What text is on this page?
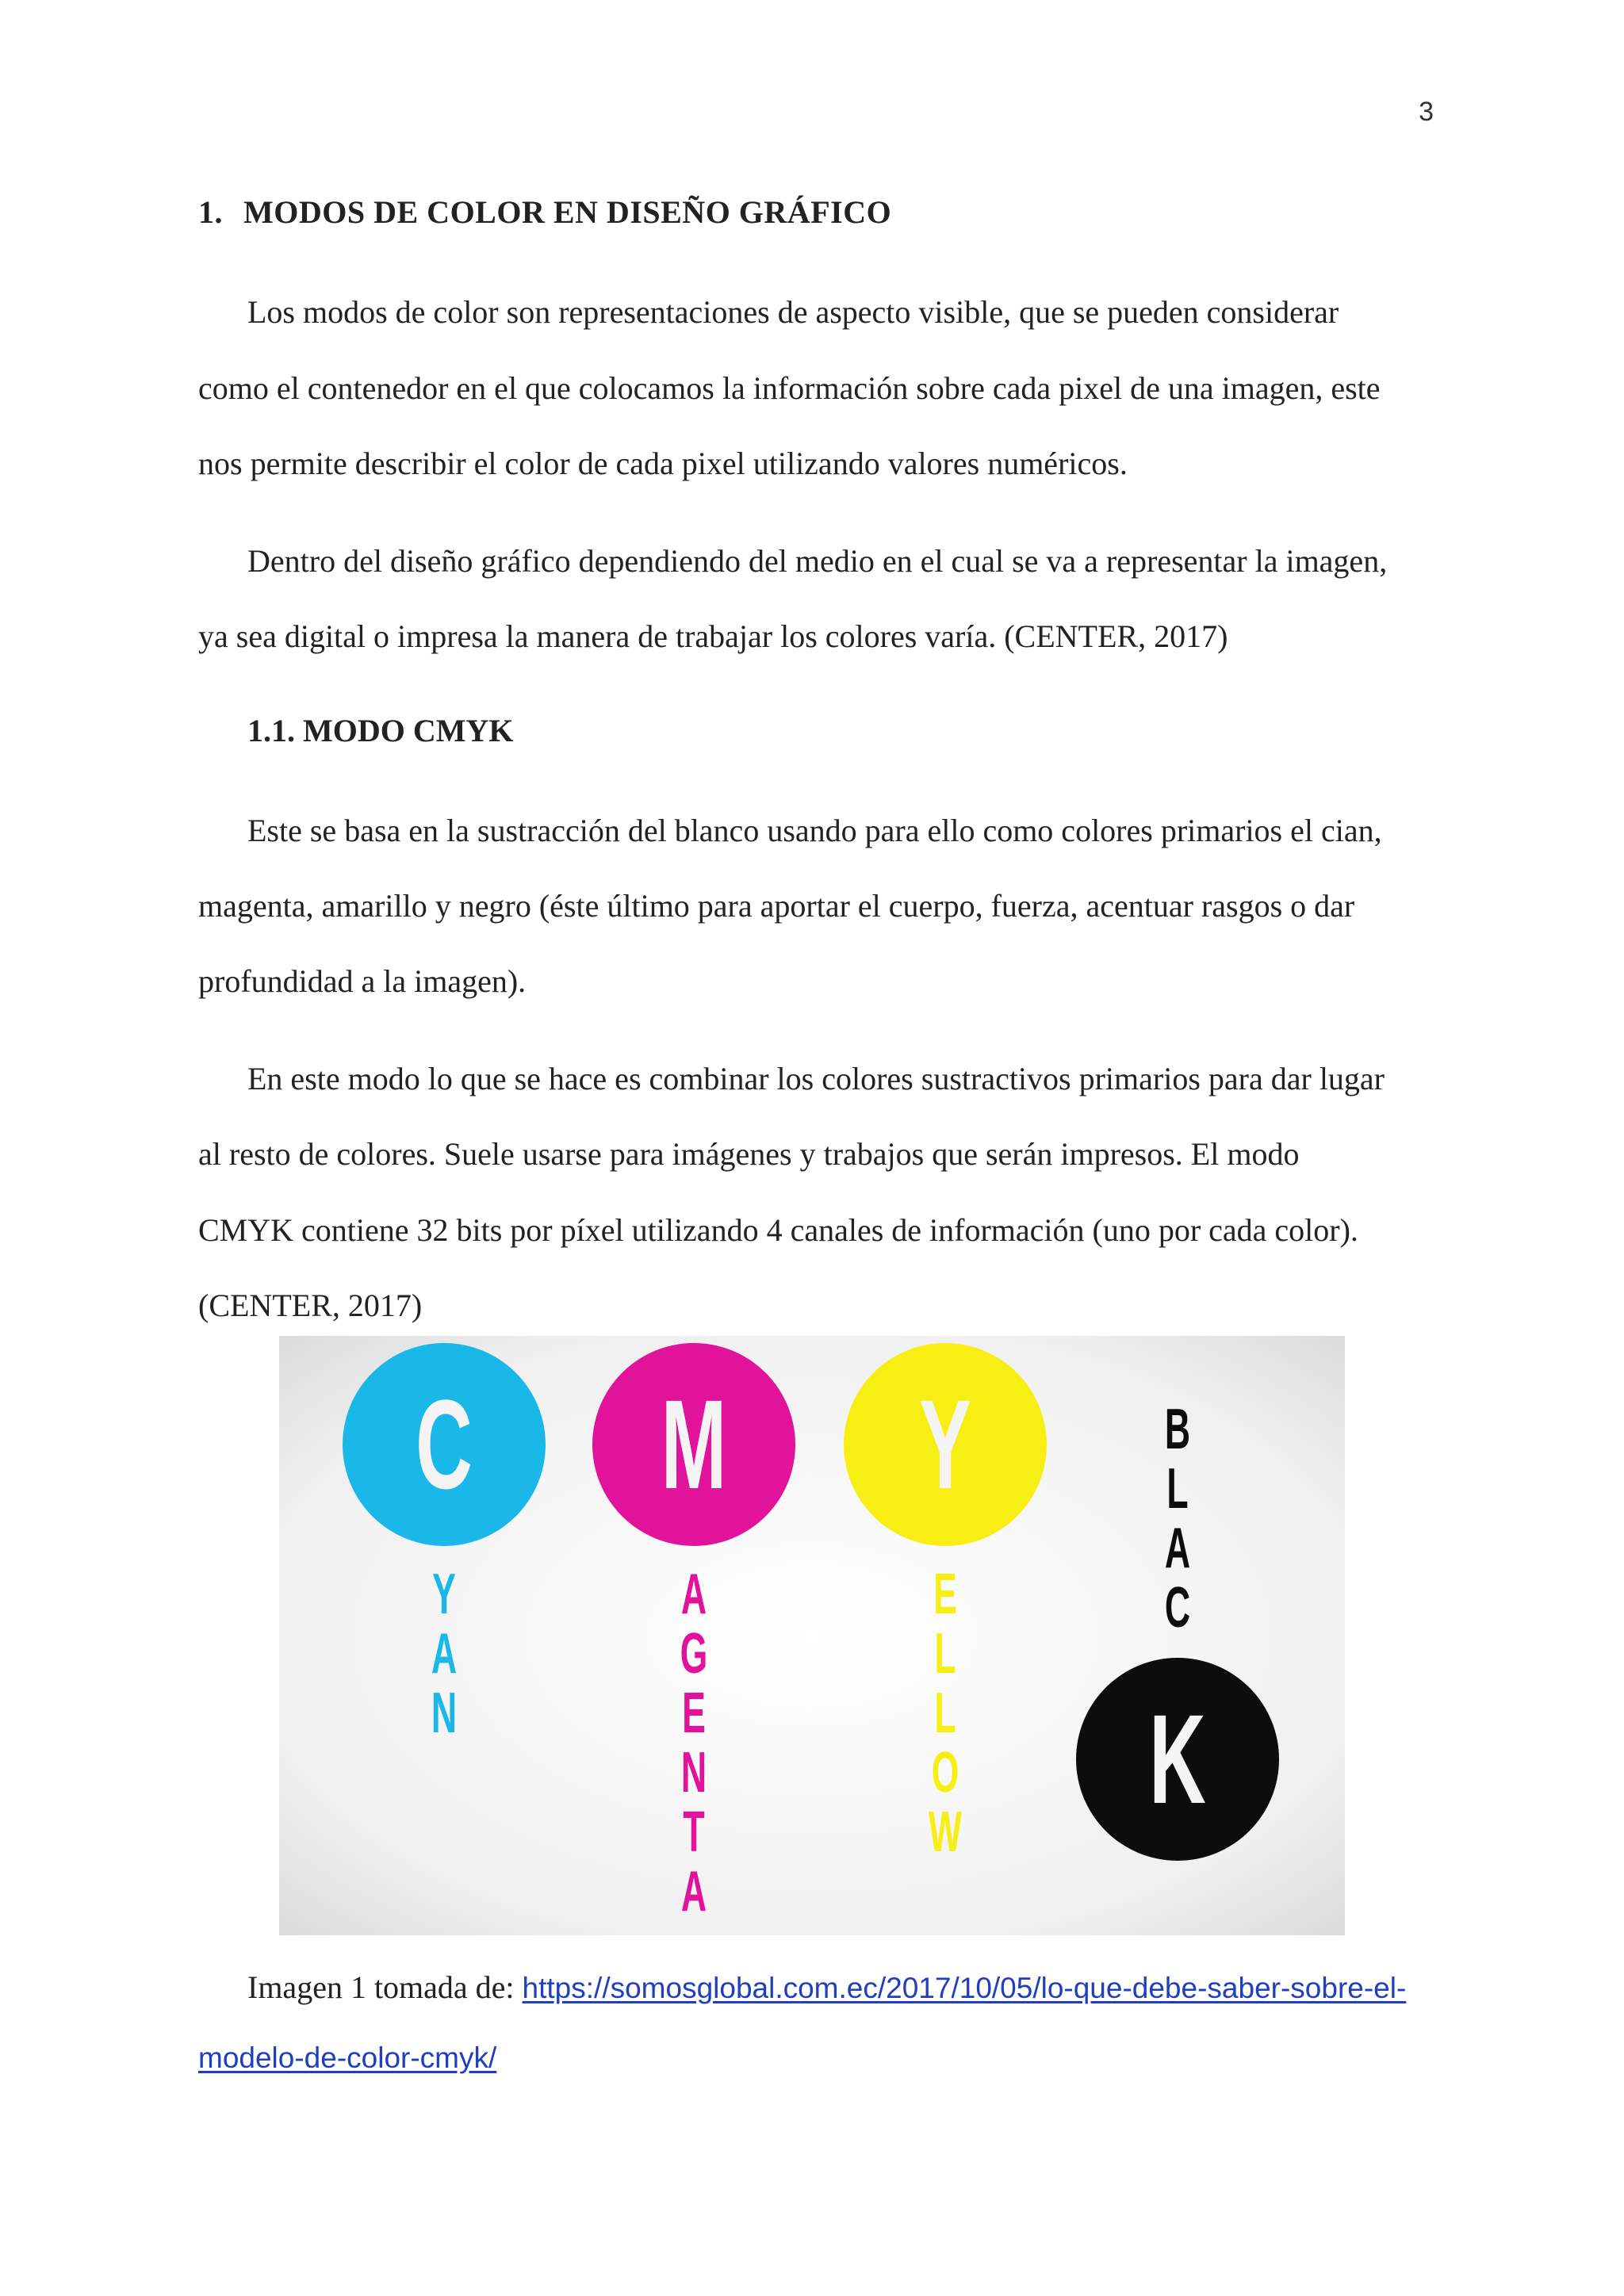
3
1. MODOS DE COLOR EN DISEÑO GRÁFICO
Los modos de color son representaciones de aspecto visible, que se pueden considerar
como el contenedor en el que colocamos la información sobre cada pixel de una imagen, este
nos permite describir el color de cada pixel utilizando valores numéricos.
Dentro del diseño gráfico dependiendo del medio en el cual se va a representar la imagen,
ya sea digital o impresa la manera de trabajar los colores varía. (CENTER, 2017)
1.1. MODO CMYK
Este se basa en la sustracción del blanco usando para ello como colores primarios el cian,
magenta, amarillo y negro (éste último para aportar el cuerpo, fuerza, acentuar rasgos o dar
profundidad a la imagen).
En este modo lo que se hace es combinar los colores sustractivos primarios para dar lugar
al resto de colores. Suele usarse para imágenes y trabajos que serán impresos. El modo
CMYK contiene 32 bits por píxel utilizando 4 canales de información (uno por cada color).
(CENTER, 2017)
C
Y A N
M
A G E N T A
Y
E L L O W
B L A C
K
Imagen 1 tomada de: https://somosglobal.com.ec/2017/10/05/lo-que-debe-saber-sobre-el-
modelo-de-color-cmyk/
